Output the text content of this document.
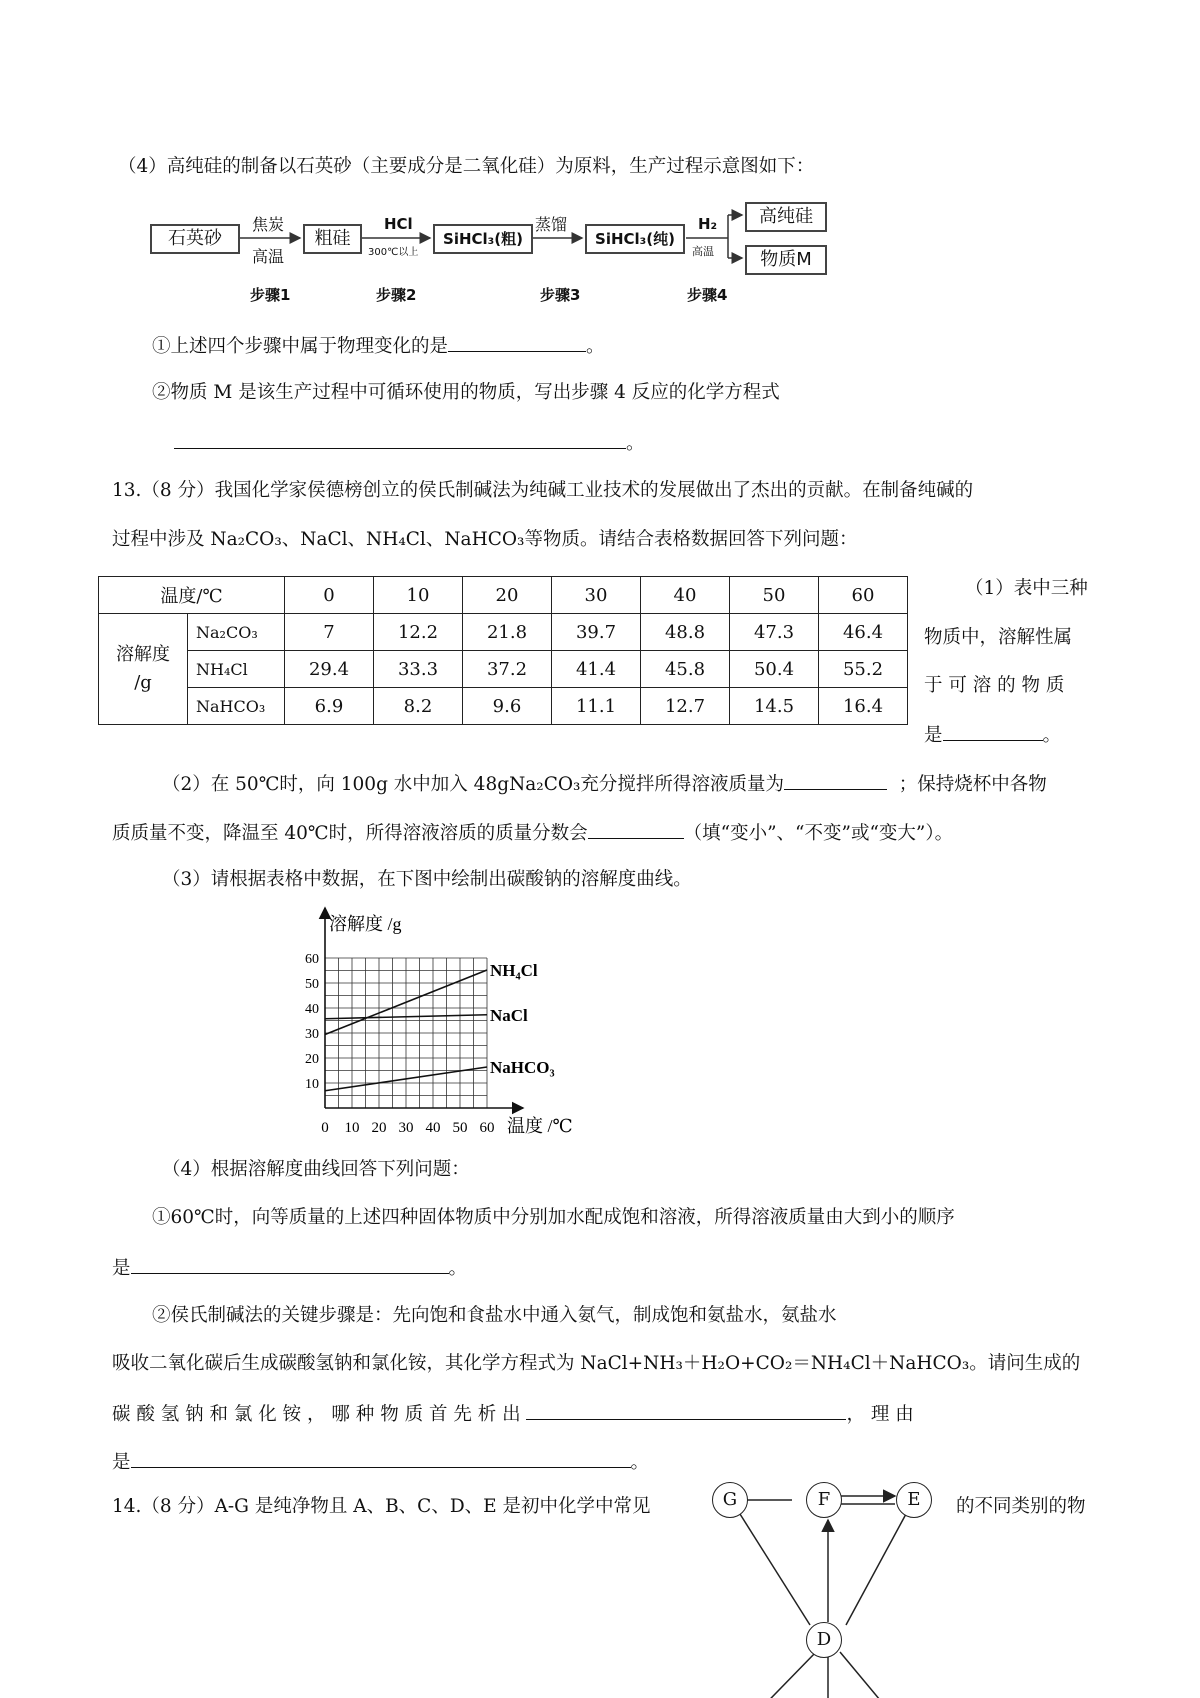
（4）高纯硅的制备以石英砂（主要成分是二氧化硅）为原料，生产过程示意图如下：
石英砂
焦炭
高温
粗硅
HCl
300℃以上
SiHCl₃(粗)
蒸馏
SiHCl₃(纯)
H₂
高温
高纯硅
物质M
步骤1	步骤2	步骤3	步骤4
①上述四个步骤中属于物理变化的是	。
②物质 M 是该生产过程中可循环使用的物质，写出步骤 4 反应的化学方程式
。
13.（8 分）我国化学家侯德榜创立的侯氏制碱法为纯碱工业技术的发展做出了杰出的贡献。在制备纯碱的
过程中涉及 Na₂CO₃、NaCl、NH₄Cl、NaHCO₃等物质。请结合表格数据回答下列问题：
温度/℃		0	10	20	30	40	50	60
溶解度
/g	Na₂CO₃	7	12.2	21.8	39.7	48.8	47.3	46.4
	NH₄Cl	29.4	33.3	37.2	41.4	45.8	50.4	55.2
	NaHCO₃	6.9	8.2	9.6	11.1	12.7	14.5	16.4
（1）表中三种
物质中，溶解性属
于 可 溶 的 物 质
是	。
（2）在 50℃时，向 100g 水中加入 48gNa₂CO₃充分搅拌所得溶液质量为	；保持烧杯中各物
质质量不变，降温至 40℃时，所得溶液溶质的质量分数会	（填“变小”、“不变”或“变大”）。
（3）请根据表格中数据，在下图中绘制出碳酸钠的溶解度曲线。
0 10 20 30 40 50 60
10
20
30
40
50
60
溶解度 /g
温度 /℃
NH₄Cl
NaCl
NaHCO₃
（4）根据溶解度曲线回答下列问题：
①60℃时，向等质量的上述四种固体物质中分别加水配成饱和溶液，所得溶液质量由大到小的顺序
是	。
②侯氏制碱法的关键步骤是：先向饱和食盐水中通入氨气，制成饱和氨盐水，氨盐水
吸收二氧化碳后生成碳酸氢钠和氯化铵，其化学方程式为 NaCl+NH₃＋H₂O+CO₂＝NH₄Cl＋NaHCO₃。请问生成的
碳 酸 氢 钠 和 氯 化 铵 ， 哪 种 物 质 首 先 析 出	， 理 由
是	。
14.（8 分）A-G 是纯净物且 A、B、C、D、E 是初中化学中常见	的不同类别的物
G	F	E
D
